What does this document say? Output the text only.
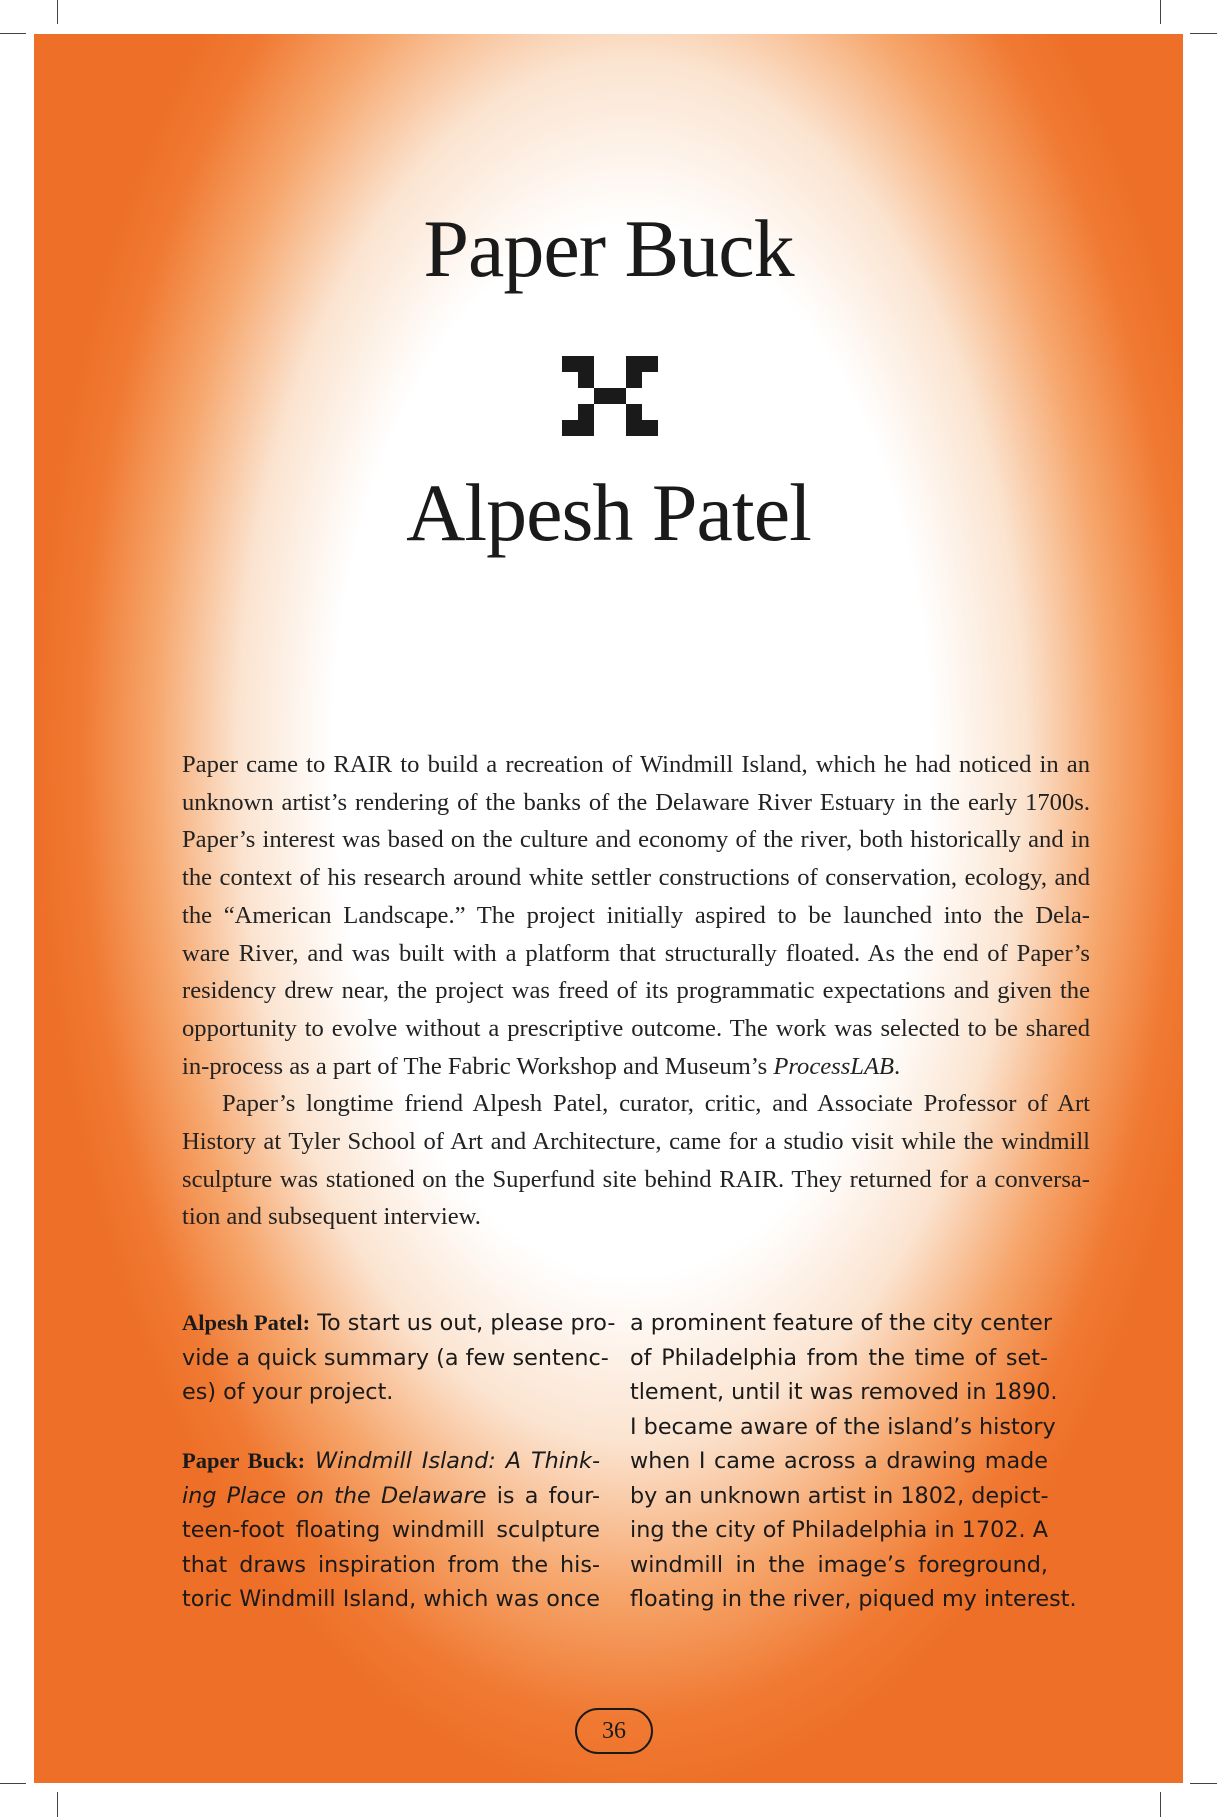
Paper Buck
Alpesh Patel

Paper came to RAIR to build a recreation of Windmill Island, which he had noticed in an
unknown artist’s rendering of the banks of the Delaware River Estuary in the early 1700s.
Paper’s interest was based on the culture and economy of the river, both historically and in
the context of his research around white settler constructions of conservation, ecology, and
the “American Landscape.” The project initially aspired to be launched into the Dela-
ware River, and was built with a platform that structurally floated. As the end of Paper’s
residency drew near, the project was freed of its programmatic expectations and given the
opportunity to evolve without a prescriptive outcome. The work was selected to be shared
in-process as a part of The Fabric Workshop and Museum’s ProcessLAB.

Paper’s longtime friend Alpesh Patel, curator, critic, and Associate Professor of Art
History at Tyler School of Art and Architecture, came for a studio visit while the windmill
sculpture was stationed on the Superfund site behind RAIR. They returned for a conversa-
tion and subsequent interview.

Alpesh Patel: To start us out, please pro-
vide a quick summary (a few sentenc-
es) of your project.
Paper Buck: Windmill Island: A Think-
ing Place on the Delaware is a four-
teen-foot floating windmill sculpture
that draws inspiration from the his-
toric Windmill Island, which was once
a prominent feature of the city center
of Philadelphia from the time of set-
tlement, until it was removed in 1890.
I became aware of the island’s history
when I came across a drawing made
by an unknown artist in 1802, depict-
ing the city of Philadelphia in 1702. A
windmill in the image’s foreground,
floating in the river, piqued my interest.
36
